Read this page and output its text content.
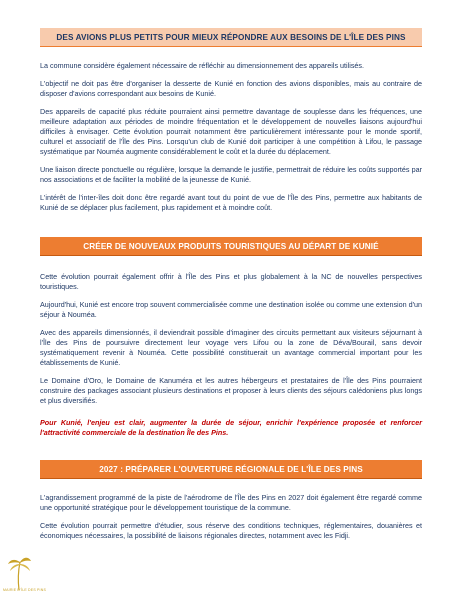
DES AVIONS PLUS PETITS POUR MIEUX RÉPONDRE AUX BESOINS DE L'ÎLE DES PINS

La commune considère également nécessaire de réfléchir au dimensionnement des appareils utilisés.

L'objectif ne doit pas être d'organiser la desserte de Kunié en fonction des avions disponibles, mais au contraire de disposer d'avions correspondant aux besoins de Kunié.

Des appareils de capacité plus réduite pourraient ainsi permettre davantage de souplesse dans les fréquences, une meilleure adaptation aux périodes de moindre fréquentation et le développement de nouvelles liaisons aujourd'hui difficiles à envisager. Cette évolution pourrait notamment être particulièrement intéressante pour le monde sportif, culturel et associatif de l'Île des Pins. Lorsqu'un club de Kunié doit participer à une compétition à Lifou, le passage systématique par Nouméa augmente considérablement le coût et la durée du déplacement.

Une liaison directe ponctuelle ou régulière, lorsque la demande le justifie, permettrait de réduire les coûts supportés par nos associations et de faciliter la mobilité de la jeunesse de Kunié.

L'intérêt de l'inter-îles doit donc être regardé avant tout du point de vue de l'Île des Pins, permettre aux habitants de Kunié de se déplacer plus facilement, plus rapidement et à moindre coût.

CRÉER DE NOUVEAUX PRODUITS TOURISTIQUES AU DÉPART DE KUNIÉ

Cette évolution pourrait également offrir à l'Île des Pins et plus globalement à la NC de nouvelles perspectives touristiques.

Aujourd'hui, Kunié est encore trop souvent commercialisée comme une destination isolée ou comme une extension d'un séjour à Nouméa.

Avec des appareils dimensionnés, il deviendrait possible d'imaginer des circuits permettant aux visiteurs séjournant à l'Île des Pins de poursuivre directement leur voyage vers Lifou ou la zone de Déva/Bourail, sans devoir systématiquement revenir à Nouméa. Cette possibilité constituerait un avantage commercial important pour les établissements de Kunié.

Le Domaine d'Oro, le Domaine de Kanuméra et les autres hébergeurs et prestataires de l'Île des Pins pourraient construire des packages associant plusieurs destinations et proposer à leurs clients des séjours calédoniens plus longs et plus diversifiés.

Pour Kunié, l'enjeu est clair, augmenter la durée de séjour, enrichir l'expérience proposée et renforcer l'attractivité commerciale de la destination Île des Pins.

2027 : PRÉPARER L'OUVERTURE RÉGIONALE DE L'ÎLE DES PINS

L'agrandissement programmé de la piste de l'aérodrome de l'Île des Pins en 2027 doit également être regardé comme une opportunité stratégique pour le développement touristique de la commune.

Cette évolution pourrait permettre d'étudier, sous réserve des conditions techniques, réglementaires, douanières et économiques nécessaires, la possibilité de liaisons régionales directes, notamment avec les Fidji.

MAIRIE D'ÎLE DES PINS
